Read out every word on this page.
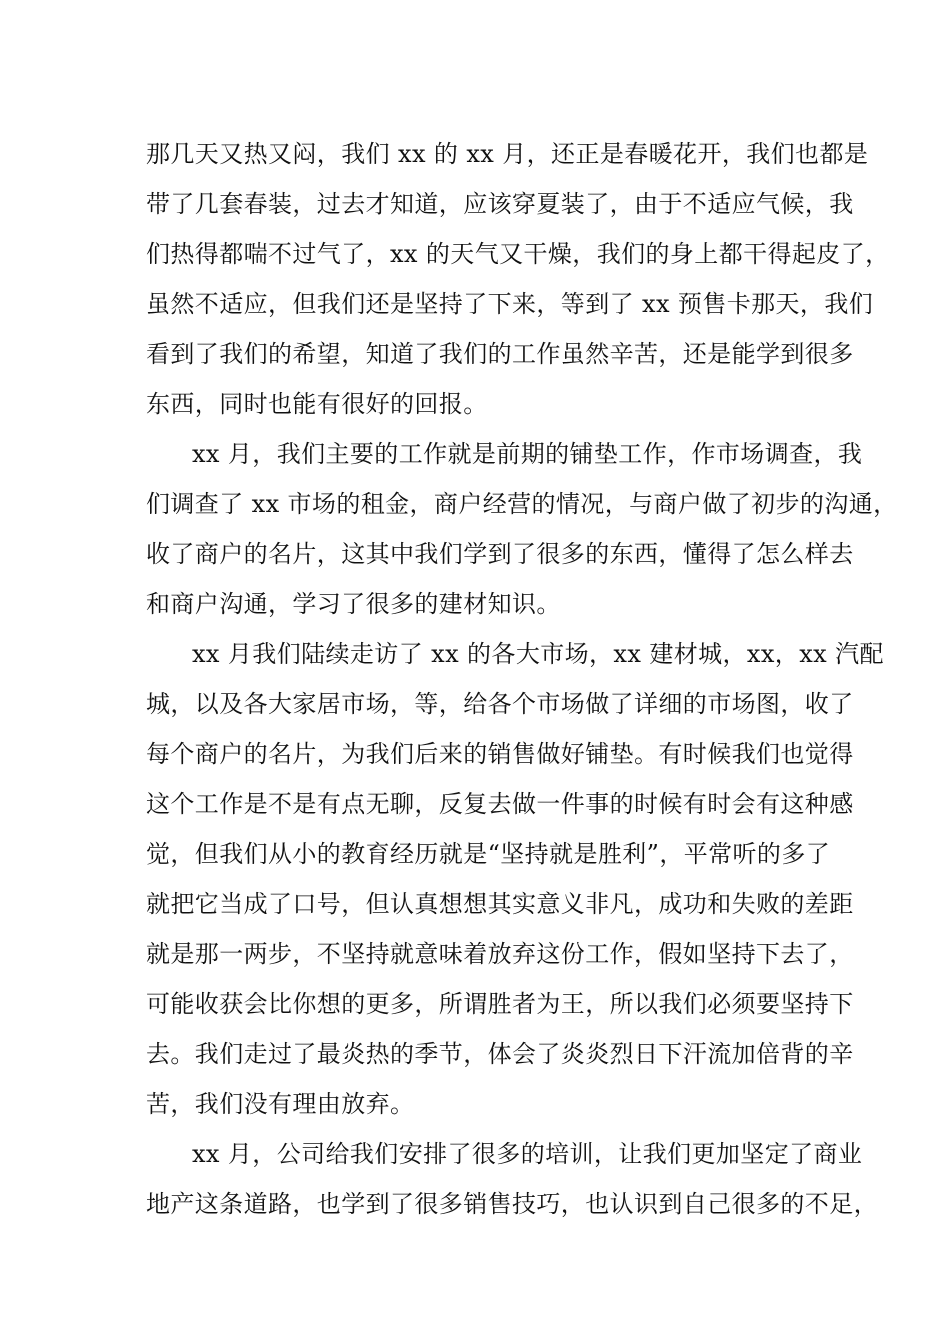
那几天又热又闷，我们 xx 的 xx 月，还正是春暖花开，我们也都是
带了几套春装，过去才知道，应该穿夏装了，由于不适应气候，我
们热得都喘不过气了，xx 的天气又干燥，我们的身上都干得起皮了，
虽然不适应，但我们还是坚持了下来，等到了 xx 预售卡那天，我们
看到了我们的希望，知道了我们的工作虽然辛苦，还是能学到很多
东西，同时也能有很好的回报。
xx 月，我们主要的工作就是前期的铺垫工作，作市场调查，我
们调查了 xx 市场的租金，商户经营的情况，与商户做了初步的沟通，
收了商户的名片，这其中我们学到了很多的东西，懂得了怎么样去
和商户沟通，学习了很多的建材知识。
xx 月我们陆续走访了 xx 的各大市场，xx 建材城，xx，xx 汽配
城，以及各大家居市场，等，给各个市场做了详细的市场图，收了
每个商户的名片，为我们后来的销售做好铺垫。有时候我们也觉得
这个工作是不是有点无聊，反复去做一件事的时候有时会有这种感
觉，但我们从小的教育经历就是“坚持就是胜利”，平常听的多了
就把它当成了口号，但认真想想其实意义非凡，成功和失败的差距
就是那一两步，不坚持就意味着放弃这份工作，假如坚持下去了，
可能收获会比你想的更多，所谓胜者为王，所以我们必须要坚持下
去。我们走过了最炎热的季节，体会了炎炎烈日下汗流加倍背的辛
苦，我们没有理由放弃。
xx 月，公司给我们安排了很多的培训，让我们更加坚定了商业
地产这条道路，也学到了很多销售技巧，也认识到自己很多的不足，
